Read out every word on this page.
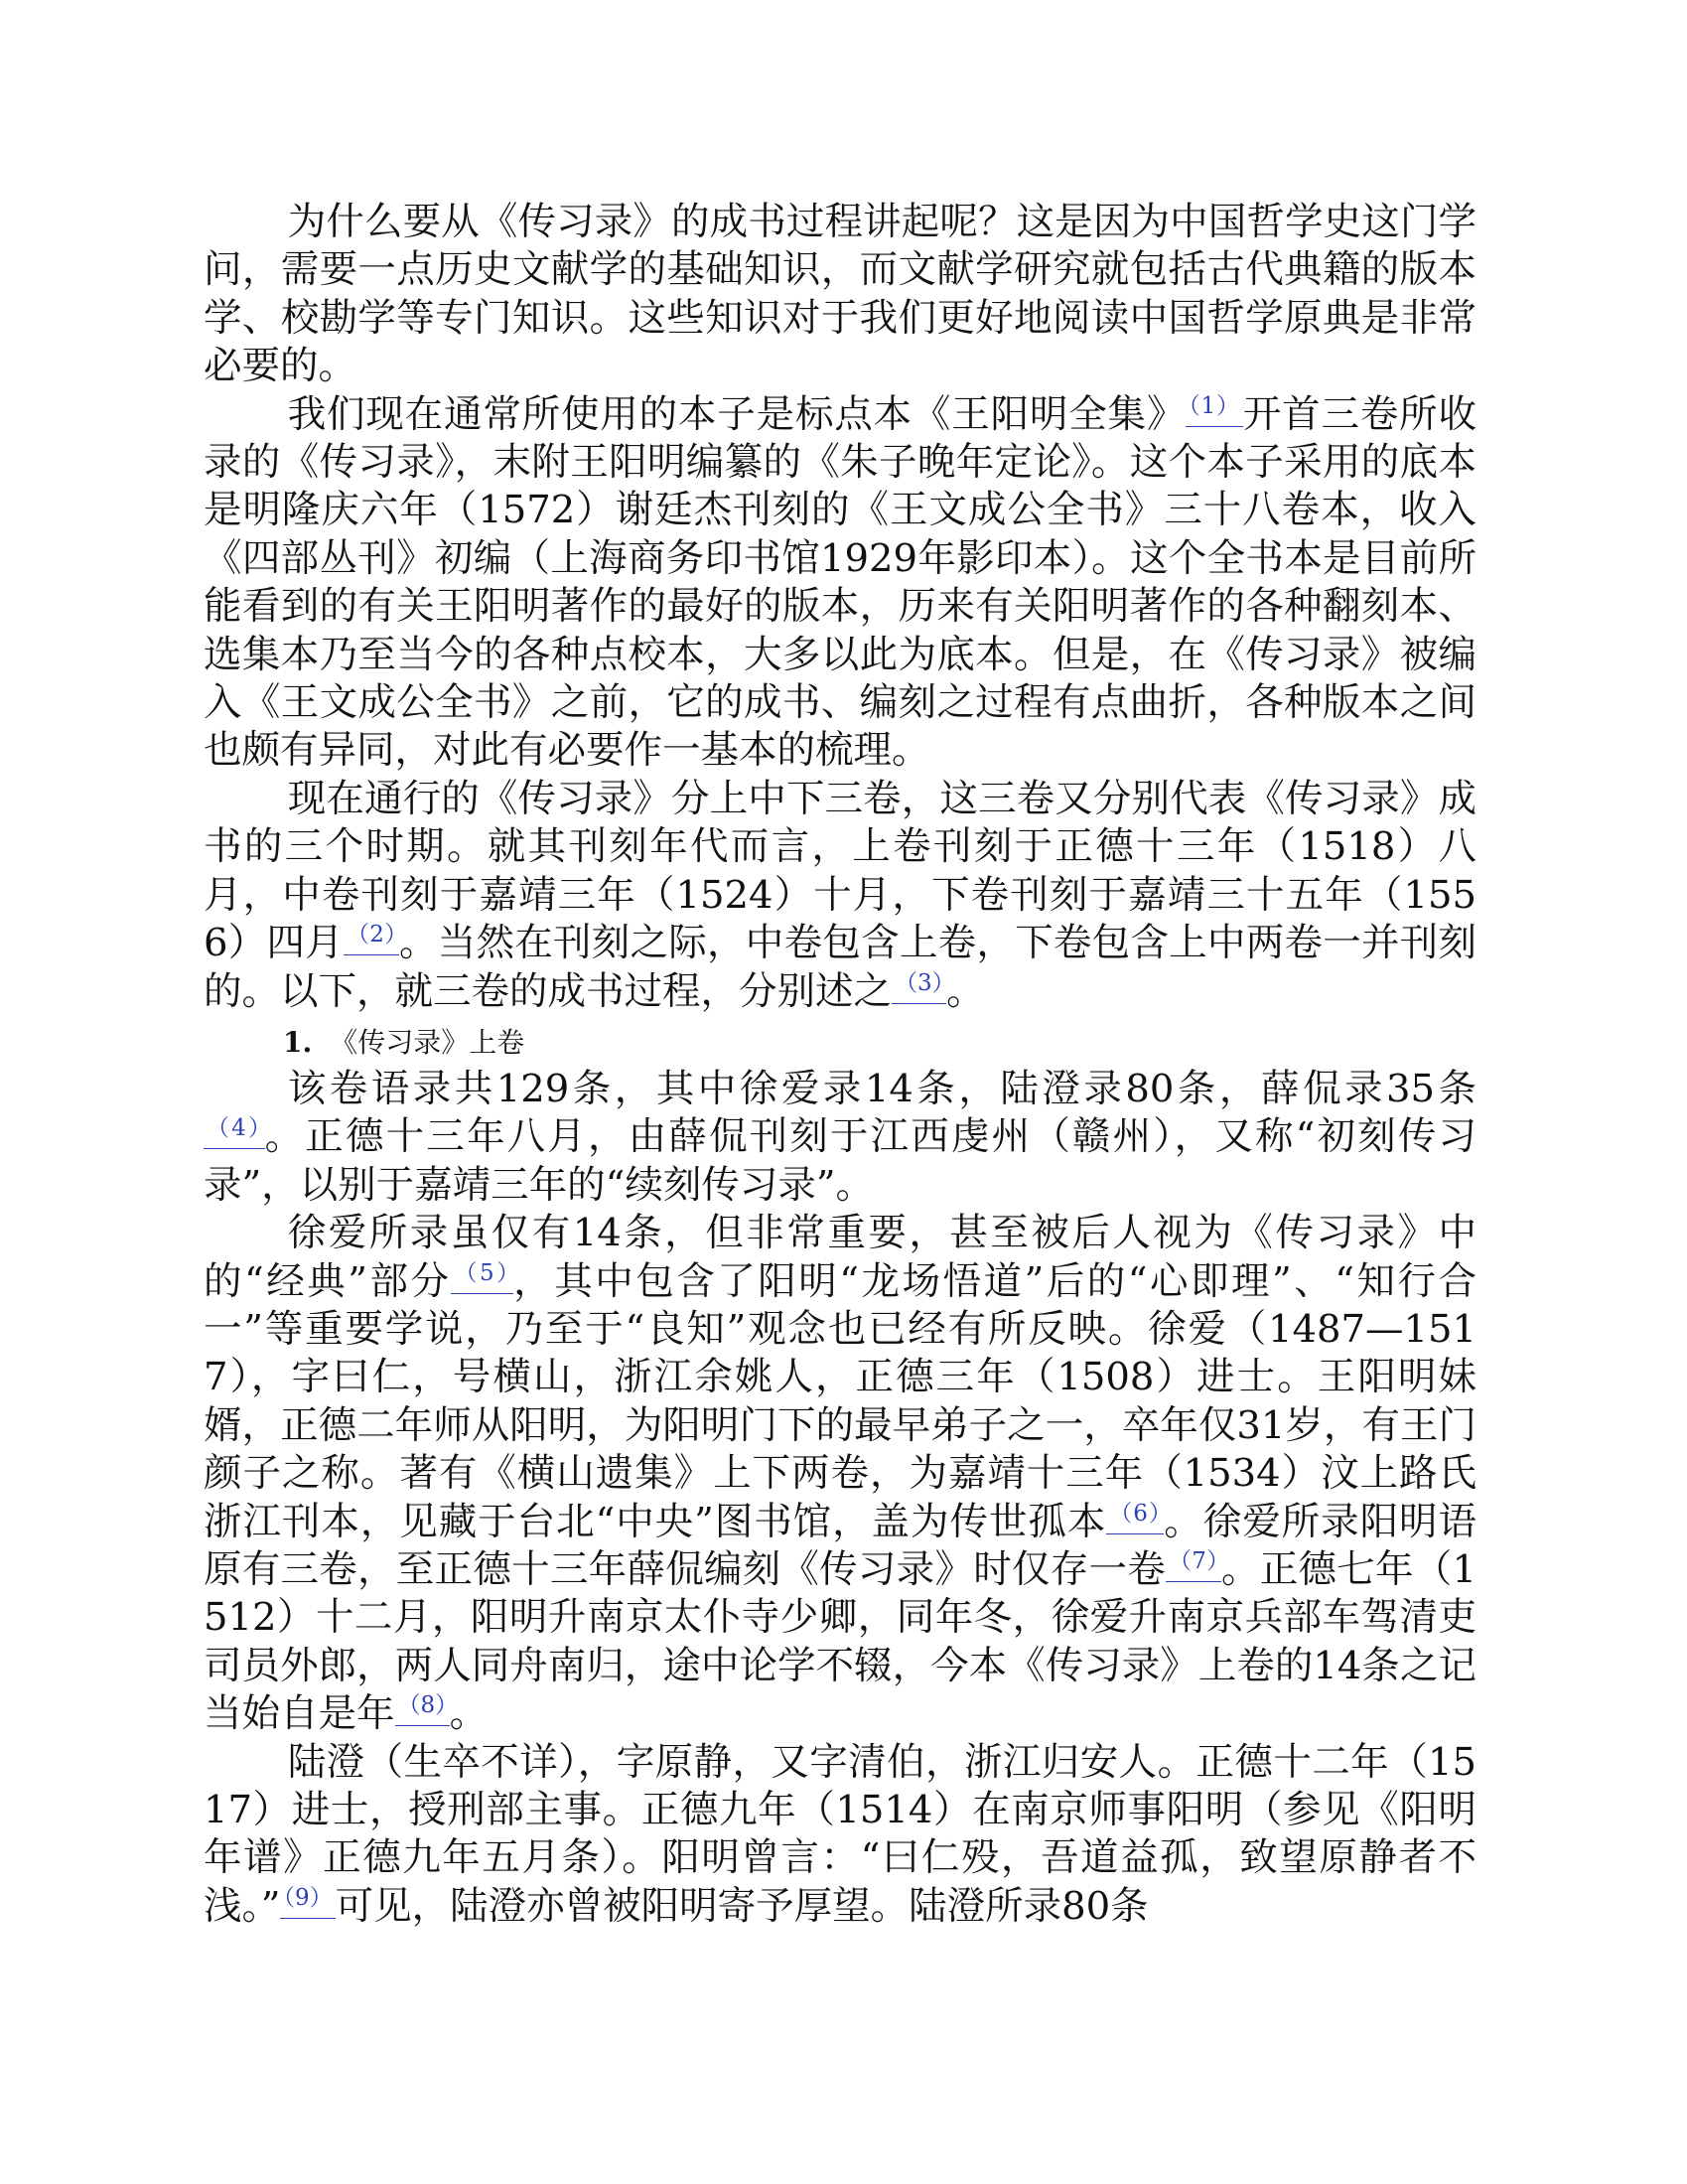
为什么要从《传习录》的成书过程讲起呢？这是因为中国哲学史这门学问，需要一点历史文献学的基础知识，而文献学研究就包括古代典籍的版本学、校勘学等专门知识。这些知识对于我们更好地阅读中国哲学原典是非常必要的。

我们现在通常所使用的本子是标点本《王阳明全集》 $^{(1)}$开首三卷所收录的《传习录》，末附王阳明编纂的《朱子晚年定论》。这个本子采用的底本是明隆庆六年（1572）谢廷杰刊刻的《王文成公全书》三十八卷本，收入《四部丛刊》初编（上海商务印书馆1929年影印本）。这个全书本是目前所能看到的有关王阳明著作的最好的版本，历来有关阳明著作的各种翻刻本、选集本乃至当今的各种点校本，大多以此为底本。但是，在《传习录》被编入《王文成公全书》之前，它的成书、编刻之过程有点曲折，各种版本之间也颇有异同，对此有必要作一基本的梳理。

现在通行的《传习录》分上中下三卷，这三卷又分别代表《传习录》成书的三个时期。就其刊刻年代而言，上卷刊刻于正德十三年（1518）八月，中卷刊刻于嘉靖三年（1524）十月，下卷刊刻于嘉靖三十五年（1556）四月 $^{(2)}$。当然在刊刻之际，中卷包含上卷，下卷包含上中两卷一并刊刻的。以下，就三卷的成书过程，分别述之 $^{(3)}$。

1. 《传习录》上卷

该卷语录共129条，其中徐爱录14条，陆澄录80条，薛侃录35条$^{(4)}$。正德十三年八月，由薛侃刊刻于江西虔州（赣州），又称“初刻传习录”，以别于嘉靖三年的“续刻传习录”。

徐爱所录虽仅有14条，但非常重要，甚至被后人视为《传习录》中的“经典”部分 $^{(5)}$，其中包含了阳明“龙场悟道”后的“心即理”、“知行合一”等重要学说，乃至于“良知”观念也已经有所反映。徐爱（1487—1517），字曰仁，号横山，浙江余姚人，正德三年（1508）进士。王阳明妹婿，正德二年师从阳明，为阳明门下的最早弟子之一，卒年仅31岁，有王门颜子之称。著有《横山遗集》上下两卷，为嘉靖十三年（1534）汶上路氏浙江刊本，见藏于台北“中央”图书馆，盖为传世孤本 $^{(6)}$。徐爱所录阳明语原有三卷，至正德十三年薛侃编刻《传习录》时仅存一卷 $^{(7)}$。正德七年（1512）十二月，阳明升南京太仆寺少卿，同年冬，徐爱升南京兵部车驾清吏司员外郎，两人同舟南归，途中论学不辍，今本《传习录》上卷的14条之记当始自是年 $^{(8)}$。

陆澄（生卒不详），字原静，又字清伯，浙江归安人。正德十二年（1517）进士，授刑部主事。正德九年（1514）在南京师事阳明（参见《阳明年谱》正德九年五月条）。阳明曾言：“曰仁殁，吾道益孤，致望原静者不浅。” $^{(9)}$可见，陆澄亦曾被阳明寄予厚望。陆澄所录80条
